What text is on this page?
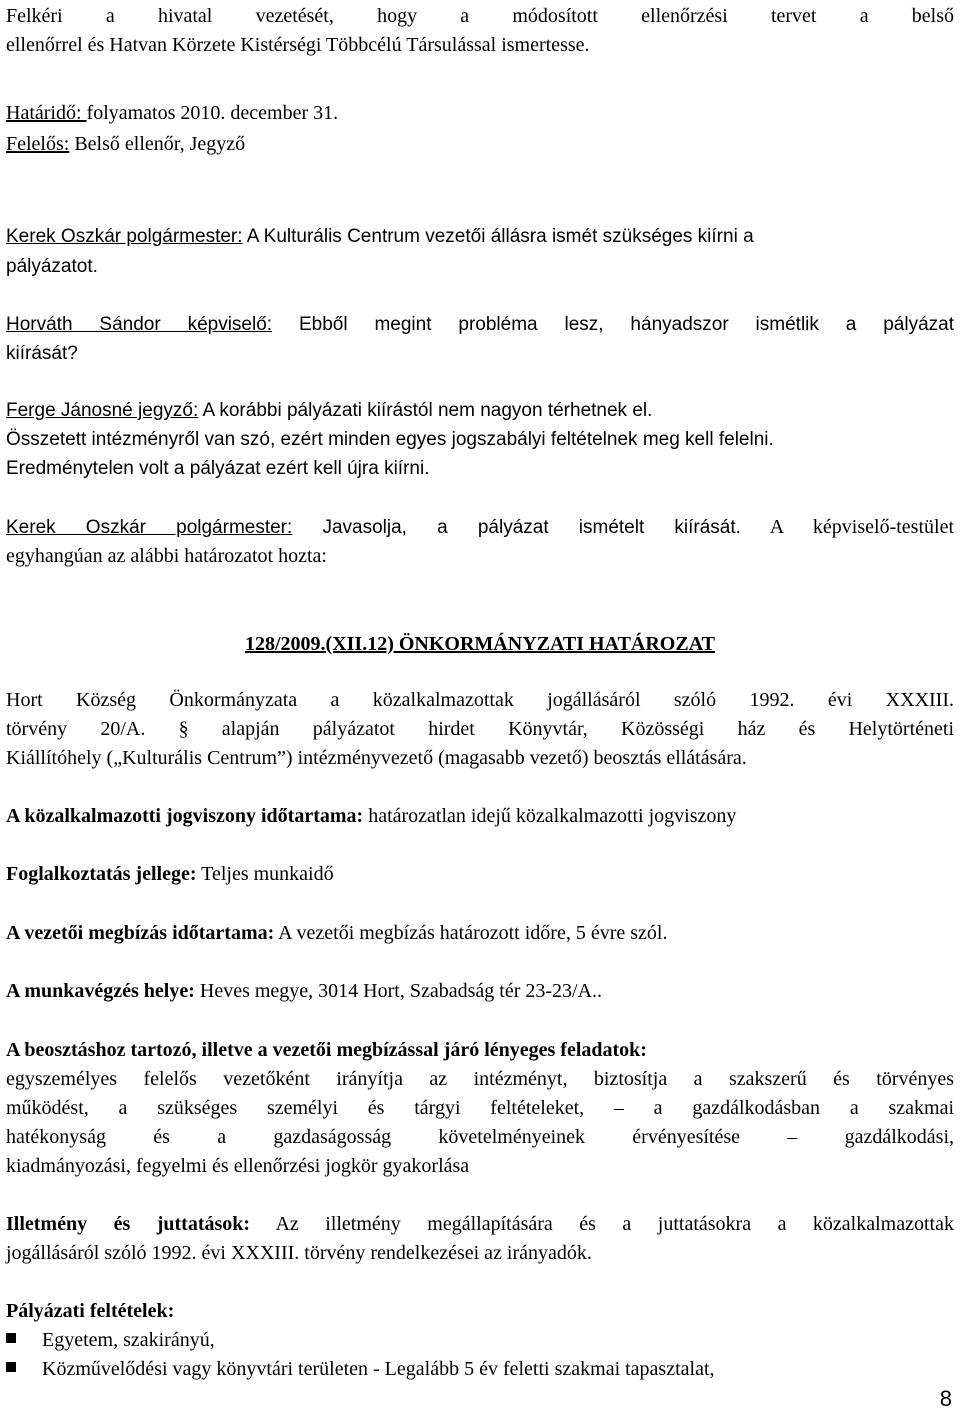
Felkéri a hivatal vezetését, hogy a módosított ellenőrzési tervet a belső
ellenőrrel és Hatvan Körzete Kistérségi Többcélú Társulással ismertesse.
Határidő: folyamatos 2010. december 31.
Felelős: Belső ellenőr, Jegyző
Kerek Oszkár polgármester: A Kulturális Centrum vezetői állásra ismét szükséges kiírni a
pályázatot.
Horváth Sándor képviselő: Ebből megint probléma lesz, hányadszor ismétlik a pályázat
kiírását?
Ferge Jánosné jegyző: A korábbi pályázati kiírástól nem nagyon térhetnek el.
Összetett intézményről van szó, ezért minden egyes jogszabályi feltételnek meg kell felelni.
Eredménytelen volt a pályázat ezért kell újra kiírni.
Kerek Oszkár polgármester: Javasolja, a pályázat ismételt kiírását. A képviselő-testület
egyhangúan az alábbi határozatot hozta:
128/2009.(XII.12) ÖNKORMÁNYZATI HATÁROZAT
Hort Község Önkormányzata a közalkalmazottak jogállásáról szóló 1992. évi XXXIII.
törvény 20/A. § alapján pályázatot hirdet Könyvtár, Közösségi ház és Helytörténeti
Kiállítóhely („Kulturális Centrum”) intézményvezető (magasabb vezető) beosztás ellátására.
A közalkalmazotti jogviszony időtartama: határozatlan idejű közalkalmazotti jogviszony
Foglalkoztatás jellege: Teljes munkaidő
A vezetői megbízás időtartama: A vezetői megbízás határozott időre, 5 évre szól.
A munkavégzés helye: Heves megye, 3014 Hort, Szabadság tér 23-23/A..
A beosztáshoz tartozó, illetve a vezetői megbízással járó lényeges feladatok:
egyszemélyes felelős vezetőként irányítja az intézményt, biztosítja a szakszerű és törvényes
működést, a szükséges személyi és tárgyi feltételeket, – a gazdálkodásban a szakmai
hatékonyság és a gazdaságosság követelményeinek érvényesítése – gazdálkodási,
kiadmányozási, fegyelmi és ellenőrzési jogkör gyakorlása
Illetmény és juttatások: Az illetmény megállapítására és a juttatásokra a közalkalmazottak
jogállásáról szóló 1992. évi XXXIII. törvény rendelkezései az irányadók.
Pályázati feltételek:
Egyetem, szakirányú,
Közművelődési vagy könyvtári területen - Legalább 5 év feletti szakmai tapasztalat,
8
